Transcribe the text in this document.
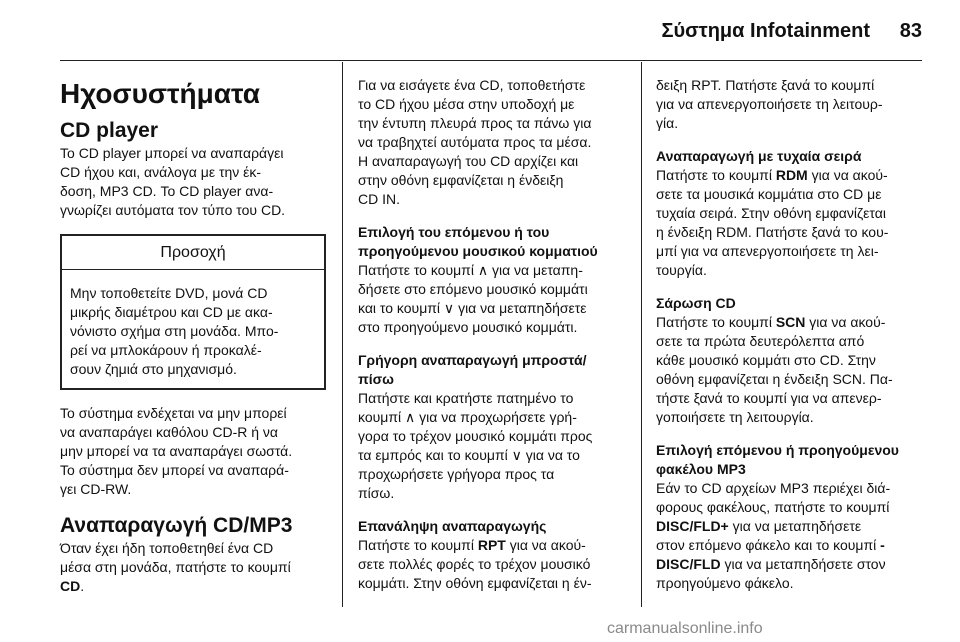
Σύστημα Infotainment 83
Ηχοσυστήματα
CD player

Το CD player μπορεί να αναπαράγει

CD ήχου και, ανάλογα με την έκ-

δοση, MP3 CD. Το CD player ανα-

γνωρίζει αυτόματα τον τύπο του CD.

Προσοχή

Μην τοποθετείτε DVD, μονά CD

μικρής διαμέτρου και CD με ακα-

νόνιστο σχήμα στη μονάδα. Μπο-

ρεί να μπλοκάρουν ή προκαλέ-

σουν ζημιά στο μηχανισμό.

Το σύστημα ενδέχεται να μην μπορεί

να αναπαράγει καθόλου CD-R ή να

μην μπορεί να τα αναπαράγει σωστά.

Το σύστημα δεν μπορεί να αναπαρά-

γει CD-RW.

Αναπαραγωγή CD/MP3

Όταν έχει ήδη τοποθετηθεί ένα CD

μέσα στη μονάδα, πατήστε το κουμπί

CD.

Για να εισάγετε ένα CD, τοποθετήστε

το CD ήχου μέσα στην υποδοχή με

την έντυπη πλευρά προς τα πάνω για

να τραβηχτεί αυτόματα προς τα μέσα.

Η αναπαραγωγή του CD αρχίζει και

στην οθόνη εμφανίζεται η ένδειξη

CD IN.

Επιλογή του επόμενου ή του

προηγούμενου μουσικού κομματιού

Πατήστε το κουμπί ∧ για να μεταπη-

δήσετε στο επόμενο μουσικό κομμάτι

και το κουμπί ∨ για να μεταπηδήσετε

στο προηγούμενο μουσικό κομμάτι.

Γρήγορη αναπαραγωγή μπροστά/

πίσω

Πατήστε και κρατήστε πατημένο το

κουμπί ∧ για να προχωρήσετε γρή-

γορα το τρέχον μουσικό κομμάτι προς

τα εμπρός και το κουμπί ∨ για να το

προχωρήσετε γρήγορα προς τα

πίσω.

Επανάληψη αναπαραγωγής

Πατήστε το κουμπί RPT για να ακού-

σετε πολλές φορές το τρέχον μουσικό

κομμάτι. Στην οθόνη εμφανίζεται η έν-

δειξη RPT. Πατήστε ξανά το κουμπί

για να απενεργοποιήσετε τη λειτουρ-

γία.

Αναπαραγωγή με τυχαία σειρά

Πατήστε το κουμπί RDM για να ακού-

σετε τα μουσικά κομμάτια στο CD με

τυχαία σειρά. Στην οθόνη εμφανίζεται

η ένδειξη RDM. Πατήστε ξανά το κου-

μπί για να απενεργοποιήσετε τη λει-

τουργία.

Σάρωση CD

Πατήστε το κουμπί SCN για να ακού-

σετε τα πρώτα δευτερόλεπτα από

κάθε μουσικό κομμάτι στο CD. Στην

οθόνη εμφανίζεται η ένδειξη SCN. Πα-

τήστε ξανά το κουμπί για να απενερ-

γοποιήσετε τη λειτουργία.

Επιλογή επόμενου ή προηγούμενου

φακέλου MP3

Εάν το CD αρχείων MP3 περιέχει διά-

φορους φακέλους, πατήστε το κουμπί

DISC/FLD+ για να μεταπηδήσετε

στον επόμενο φάκελο και το κουμπί -

DISC/FLD για να μεταπηδήσετε στον

προηγούμενο φάκελο.

carmanualsonline.info
